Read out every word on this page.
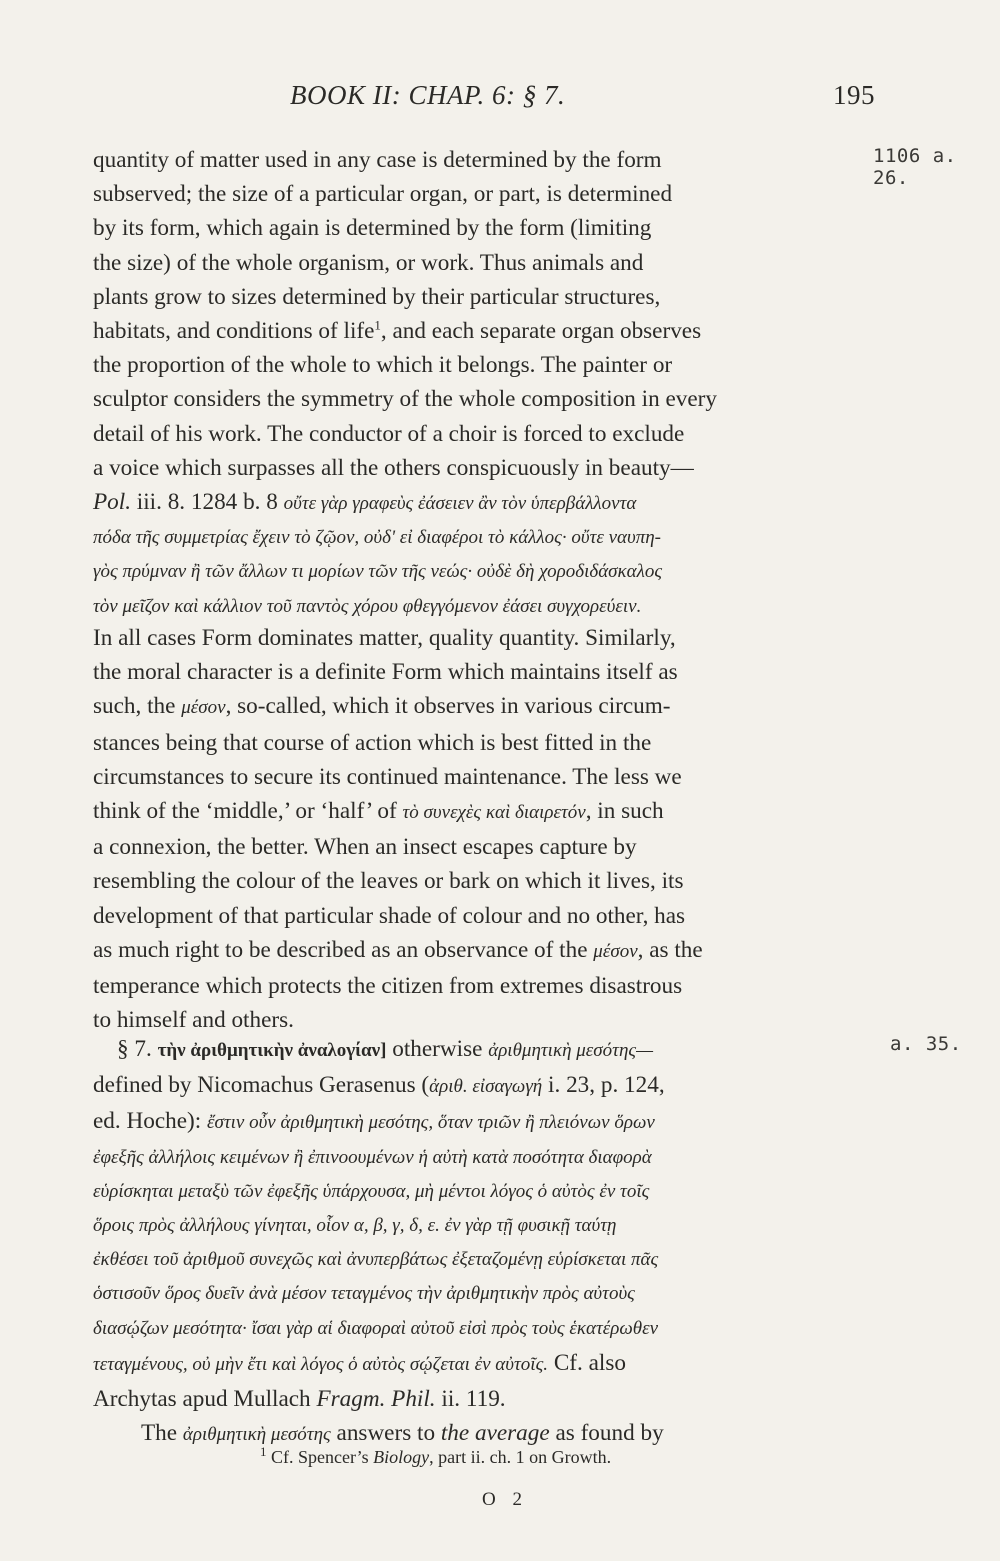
BOOK II: CHAP. 6: § 7.	195
1106 a. 26.
a. 35.
quantity of matter used in any case is determined by the form
subserved; the size of a particular organ, or part, is determined
by its form, which again is determined by the form (limiting
the size) of the whole organism, or work. Thus animals and
plants grow to sizes determined by their particular structures,
habitats, and conditions of life$^1$, and each separate organ observes
the proportion of the whole to which it belongs. The painter or
sculptor considers the symmetry of the whole composition in every
detail of his work. The conductor of a choir is forced to exclude
a voice which surpasses all the others conspicuously in beauty—
Pol. iii. 8. 1284 b. 8 οὔτε γὰρ γραφεὺς ἐάσειεν ἂν τὸν ὑπερβάλλοντα
πόδα τῆς συμμετρίας ἔχειν τὸ ζῷον, οὐδ' εἰ διαφέροι τὸ κάλλος· οὔτε ναυπη-
γὸς πρύμναν ἢ τῶν ἄλλων τι μορίων τῶν τῆς νεώς· οὐδὲ δὴ χοροδιδάσκαλος
τὸν μεῖζον καὶ κάλλιον τοῦ παντὸς χόρου φθεγγόμενον ἐάσει συγχορεύειν.
In all cases Form dominates matter, quality quantity. Similarly,
the moral character is a definite Form which maintains itself as
such, the μέσον, so-called, which it observes in various circum-
stances being that course of action which is best fitted in the
circumstances to secure its continued maintenance. The less we
think of the ‘middle,’ or ‘half’ of τὸ συνεχὲς καὶ διαιρετόν, in such
a connexion, the better. When an insect escapes capture by
resembling the colour of the leaves or bark on which it lives, its
development of that particular shade of colour and no other, has
as much right to be described as an observance of the μέσον, as the
temperance which protects the citizen from extremes disastrous
to himself and others.
§ 7. τὴν ἀριθμητικὴν ἀναλογίαν] otherwise ἀριθμητικὴ μεσότης—
defined by Nicomachus Gerasenus (ἀριθ. εἰσαγωγή i. 23, p. 124,
ed. Hoche): ἔστιν οὖν ἀριθμητικὴ μεσότης, ὅταν τριῶν ἢ πλειόνων ὅρων
ἐφεξῆς ἀλλήλοις κειμένων ἢ ἐπινοουμένων ἡ αὐτὴ κατὰ ποσότητα διαφορὰ
εὑρίσκηται μεταξὺ τῶν ἐφεξῆς ὑπάρχουσα, μὴ μέντοι λόγος ὁ αὐτὸς ἐν τοῖς
ὅροις πρὸς ἀλλήλους γίνηται, οἷον α, β, γ, δ, ε. ἐν γὰρ τῇ φυσικῇ ταύτῃ
ἐκθέσει τοῦ ἀριθμοῦ συνεχῶς καὶ ἀνυπερβάτως ἐξεταζομένῃ εὑρίσκεται πᾶς
ὁστισοῦν ὅρος δυεῖν ἀνὰ μέσον τεταγμένος τὴν ἀριθμητικὴν πρὸς αὐτοὺς
διασῴζων μεσότητα· ἴσαι γὰρ αἱ διαφοραὶ αὐτοῦ εἰσὶ πρὸς τοὺς ἑκατέρωθεν
τεταγμένους, οὐ μὴν ἔτι καὶ λόγος ὁ αὐτὸς σῴζεται ἐν αὐτοῖς. Cf. also
Archytas apud Mullach Fragm. Phil. ii. 119.
The ἀριθμητικὴ μεσότης answers to the average as found by
$^1$ Cf. Spencer’s Biology, part ii. ch. 1 on Growth.
O 2
